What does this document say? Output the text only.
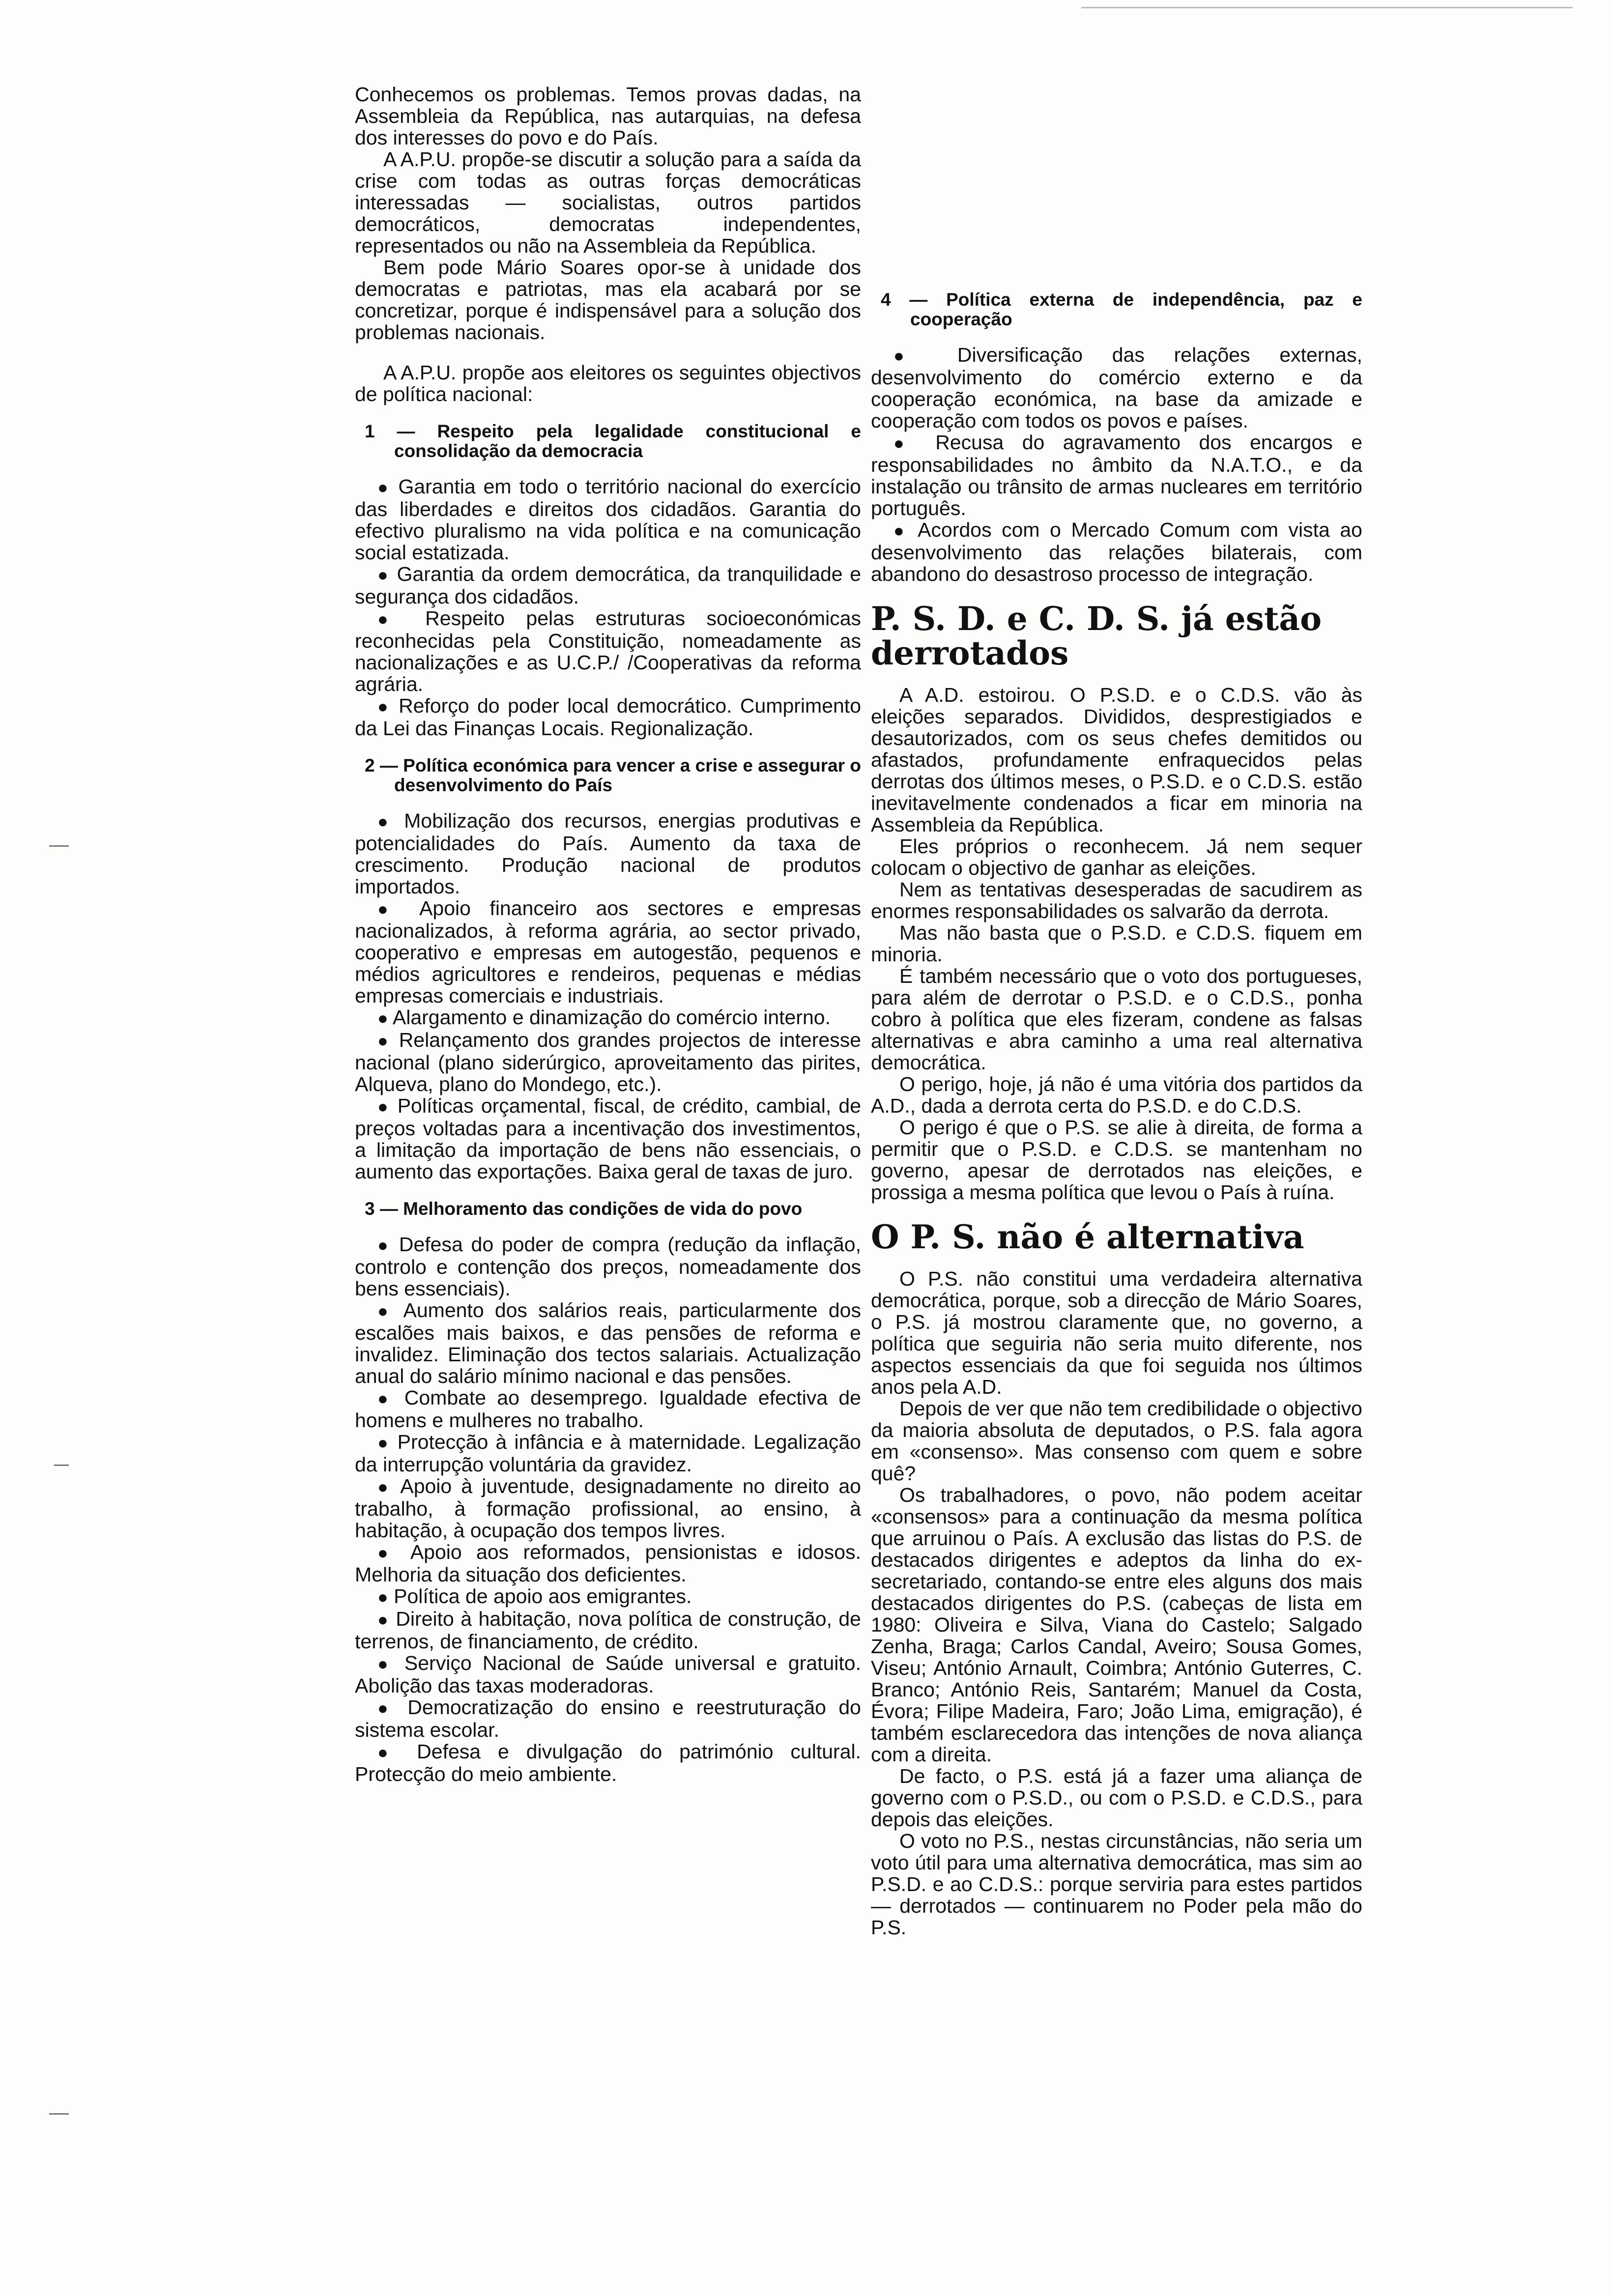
Conhecemos os problemas. Temos provas dadas, na Assembleia da República, nas autarquias, na defesa dos interesses do povo e do País.

A A.P.U. propõe-se discutir a solução para a saída da crise com todas as outras forças democráticas interessadas — socialistas, outros partidos democráticos, democratas independentes, representados ou não na Assembleia da República.

Bem pode Mário Soares opor-se à unidade dos democratas e patriotas, mas ela acabará por se concretizar, porque é indispensável para a solução dos problemas nacionais.

A A.P.U. propõe aos eleitores os seguintes objectivos de política nacional:

1 — Respeito pela legalidade constitucional e consolidação da democracia

● Garantia em todo o território nacional do exercício das liberdades e direitos dos cidadãos. Garantia do efectivo pluralismo na vida política e na comunicação social estatizada.

● Garantia da ordem democrática, da tranquilidade e segurança dos cidadãos.

● Respeito pelas estruturas socioeconómicas reconhecidas pela Constituição, nomeadamente as nacionalizações e as U.C.P./ /Cooperativas da reforma agrária.

● Reforço do poder local democrático. Cumprimento da Lei das Finanças Locais. Regionalização.

2 — Política económica para vencer a crise e assegurar o desenvolvimento do País

● Mobilização dos recursos, energias produtivas e potencialidades do País. Aumento da taxa de crescimento. Produção nacional de produtos importados.

● Apoio financeiro aos sectores e empresas nacionalizados, à reforma agrária, ao sector privado, cooperativo e empresas em autogestão, pequenos e médios agricultores e rendeiros, pequenas e médias empresas comerciais e industriais.

● Alargamento e dinamização do comércio interno.

● Relançamento dos grandes projectos de interesse nacional (plano siderúrgico, aproveitamento das pirites, Alqueva, plano do Mondego, etc.).

● Políticas orçamental, fiscal, de crédito, cambial, de preços voltadas para a incentivação dos investimentos, a limitação da importação de bens não essenciais, o aumento das exportações. Baixa geral de taxas de juro.

3 — Melhoramento das condições de vida do povo

● Defesa do poder de compra (redução da inflação, controlo e contenção dos preços, nomeadamente dos bens essenciais).

● Aumento dos salários reais, particularmente dos escalões mais baixos, e das pensões de reforma e invalidez. Eliminação dos tectos salariais. Actualização anual do salário mínimo nacional e das pensões.

● Combate ao desemprego. Igualdade efectiva de homens e mulheres no trabalho.

● Protecção à infância e à maternidade. Legalização da interrupção voluntária da gravidez.

● Apoio à juventude, designadamente no direito ao trabalho, à formação profissional, ao ensino, à habitação, à ocupação dos tempos livres.

● Apoio aos reformados, pensionistas e idosos. Melhoria da situação dos deficientes.

● Política de apoio aos emigrantes.

● Direito à habitação, nova política de construção, de terrenos, de financiamento, de crédito.

● Serviço Nacional de Saúde universal e gratuito. Abolição das taxas moderadoras.

● Democratização do ensino e reestruturação do sistema escolar.

● Defesa e divulgação do património cultural. Protecção do meio ambiente.

4 — Política externa de independência, paz e cooperação

● Diversificação das relações externas, desenvolvimento do comércio externo e da cooperação económica, na base da amizade e cooperação com todos os povos e países.

● Recusa do agravamento dos encargos e responsabilidades no âmbito da N.A.T.O., e da instalação ou trânsito de armas nucleares em território português.

● Acordos com o Mercado Comum com vista ao desenvolvimento das relações bilaterais, com abandono do desastroso processo de integração.

P. S. D. e C. D. S. já estão derrotados

A A.D. estoirou. O P.S.D. e o C.D.S. vão às eleições separados. Divididos, desprestigiados e desautorizados, com os seus chefes demitidos ou afastados, profundamente enfraquecidos pelas derrotas dos últimos meses, o P.S.D. e o C.D.S. estão inevitavelmente condenados a ficar em minoria na Assembleia da República.

Eles próprios o reconhecem. Já nem sequer colocam o objectivo de ganhar as eleições.

Nem as tentativas desesperadas de sacudirem as enormes responsabilidades os salvarão da derrota.

Mas não basta que o P.S.D. e C.D.S. fiquem em minoria.

É também necessário que o voto dos portugueses, para além de derrotar o P.S.D. e o C.D.S., ponha cobro à política que eles fizeram, condene as falsas alternativas e abra caminho a uma real alternativa democrática.

O perigo, hoje, já não é uma vitória dos partidos da A.D., dada a derrota certa do P.S.D. e do C.D.S.

O perigo é que o P.S. se alie à direita, de forma a permitir que o P.S.D. e C.D.S. se mantenham no governo, apesar de derrotados nas eleições, e prossiga a mesma política que levou o País à ruína.

O P. S. não é alternativa

O P.S. não constitui uma verdadeira alternativa democrática, porque, sob a direcção de Mário Soares, o P.S. já mostrou claramente que, no governo, a política que seguiria não seria muito diferente, nos aspectos essenciais da que foi seguida nos últimos anos pela A.D.

Depois de ver que não tem credibilidade o objectivo da maioria absoluta de deputados, o P.S. fala agora em «consenso». Mas consenso com quem e sobre quê?

Os trabalhadores, o povo, não podem aceitar «consensos» para a continuação da mesma política que arruinou o País. A exclusão das listas do P.S. de destacados dirigentes e adeptos da linha do ex-secretariado, contando-se entre eles alguns dos mais destacados dirigentes do P.S. (cabeças de lista em 1980: Oliveira e Silva, Viana do Castelo; Salgado Zenha, Braga; Carlos Candal, Aveiro; Sousa Gomes, Viseu; António Arnault, Coimbra; António Guterres, C. Branco; António Reis, Santarém; Manuel da Costa, Évora; Filipe Madeira, Faro; João Lima, emigração), é também esclarecedora das intenções de nova aliança com a direita.

De facto, o P.S. está já a fazer uma aliança de governo com o P.S.D., ou com o P.S.D. e C.D.S., para depois das eleições.

O voto no P.S., nestas circunstâncias, não seria um voto útil para uma alternativa democrática, mas sim ao P.S.D. e ao C.D.S.: porque serviria para estes partidos — derrotados — continuarem no Poder pela mão do P.S.
